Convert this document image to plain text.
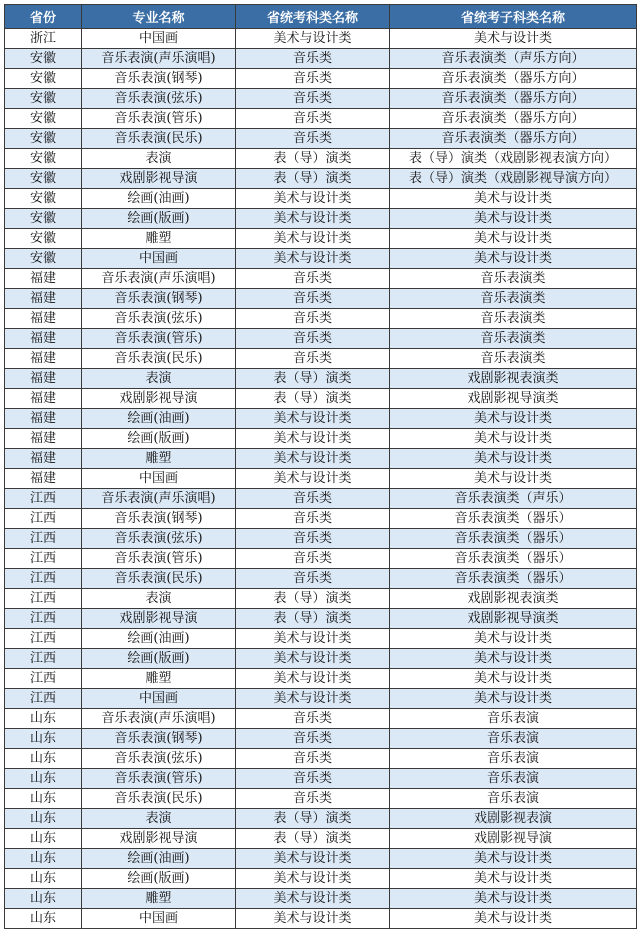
省份	专业名称	省统考科类名称	省统考子科类名称
浙江	中国画	美术与设计类	美术与设计类
安徽	音乐表演(声乐演唱)	音乐类	音乐表演类（声乐方向）
安徽	音乐表演(钢琴)	音乐类	音乐表演类（器乐方向）
安徽	音乐表演(弦乐)	音乐类	音乐表演类（器乐方向）
安徽	音乐表演(管乐)	音乐类	音乐表演类（器乐方向）
安徽	音乐表演(民乐)	音乐类	音乐表演类（器乐方向）
安徽	表演	表（导）演类	表（导）演类（戏剧影视表演方向）
安徽	戏剧影视导演	表（导）演类	表（导）演类（戏剧影视导演方向）
安徽	绘画(油画)	美术与设计类	美术与设计类
安徽	绘画(版画)	美术与设计类	美术与设计类
安徽	雕塑	美术与设计类	美术与设计类
安徽	中国画	美术与设计类	美术与设计类
福建	音乐表演(声乐演唱)	音乐类	音乐表演类
福建	音乐表演(钢琴)	音乐类	音乐表演类
福建	音乐表演(弦乐)	音乐类	音乐表演类
福建	音乐表演(管乐)	音乐类	音乐表演类
福建	音乐表演(民乐)	音乐类	音乐表演类
福建	表演	表（导）演类	戏剧影视表演类
福建	戏剧影视导演	表（导）演类	戏剧影视导演类
福建	绘画(油画)	美术与设计类	美术与设计类
福建	绘画(版画)	美术与设计类	美术与设计类
福建	雕塑	美术与设计类	美术与设计类
福建	中国画	美术与设计类	美术与设计类
江西	音乐表演(声乐演唱)	音乐类	音乐表演类（声乐）
江西	音乐表演(钢琴)	音乐类	音乐表演类（器乐）
江西	音乐表演(弦乐)	音乐类	音乐表演类（器乐）
江西	音乐表演(管乐)	音乐类	音乐表演类（器乐）
江西	音乐表演(民乐)	音乐类	音乐表演类（器乐）
江西	表演	表（导）演类	戏剧影视表演类
江西	戏剧影视导演	表（导）演类	戏剧影视导演类
江西	绘画(油画)	美术与设计类	美术与设计类
江西	绘画(版画)	美术与设计类	美术与设计类
江西	雕塑	美术与设计类	美术与设计类
江西	中国画	美术与设计类	美术与设计类
山东	音乐表演(声乐演唱)	音乐类	音乐表演
山东	音乐表演(钢琴)	音乐类	音乐表演
山东	音乐表演(弦乐)	音乐类	音乐表演
山东	音乐表演(管乐)	音乐类	音乐表演
山东	音乐表演(民乐)	音乐类	音乐表演
山东	表演	表（导）演类	戏剧影视表演
山东	戏剧影视导演	表（导）演类	戏剧影视导演
山东	绘画(油画)	美术与设计类	美术与设计类
山东	绘画(版画)	美术与设计类	美术与设计类
山东	雕塑	美术与设计类	美术与设计类
山东	中国画	美术与设计类	美术与设计类
